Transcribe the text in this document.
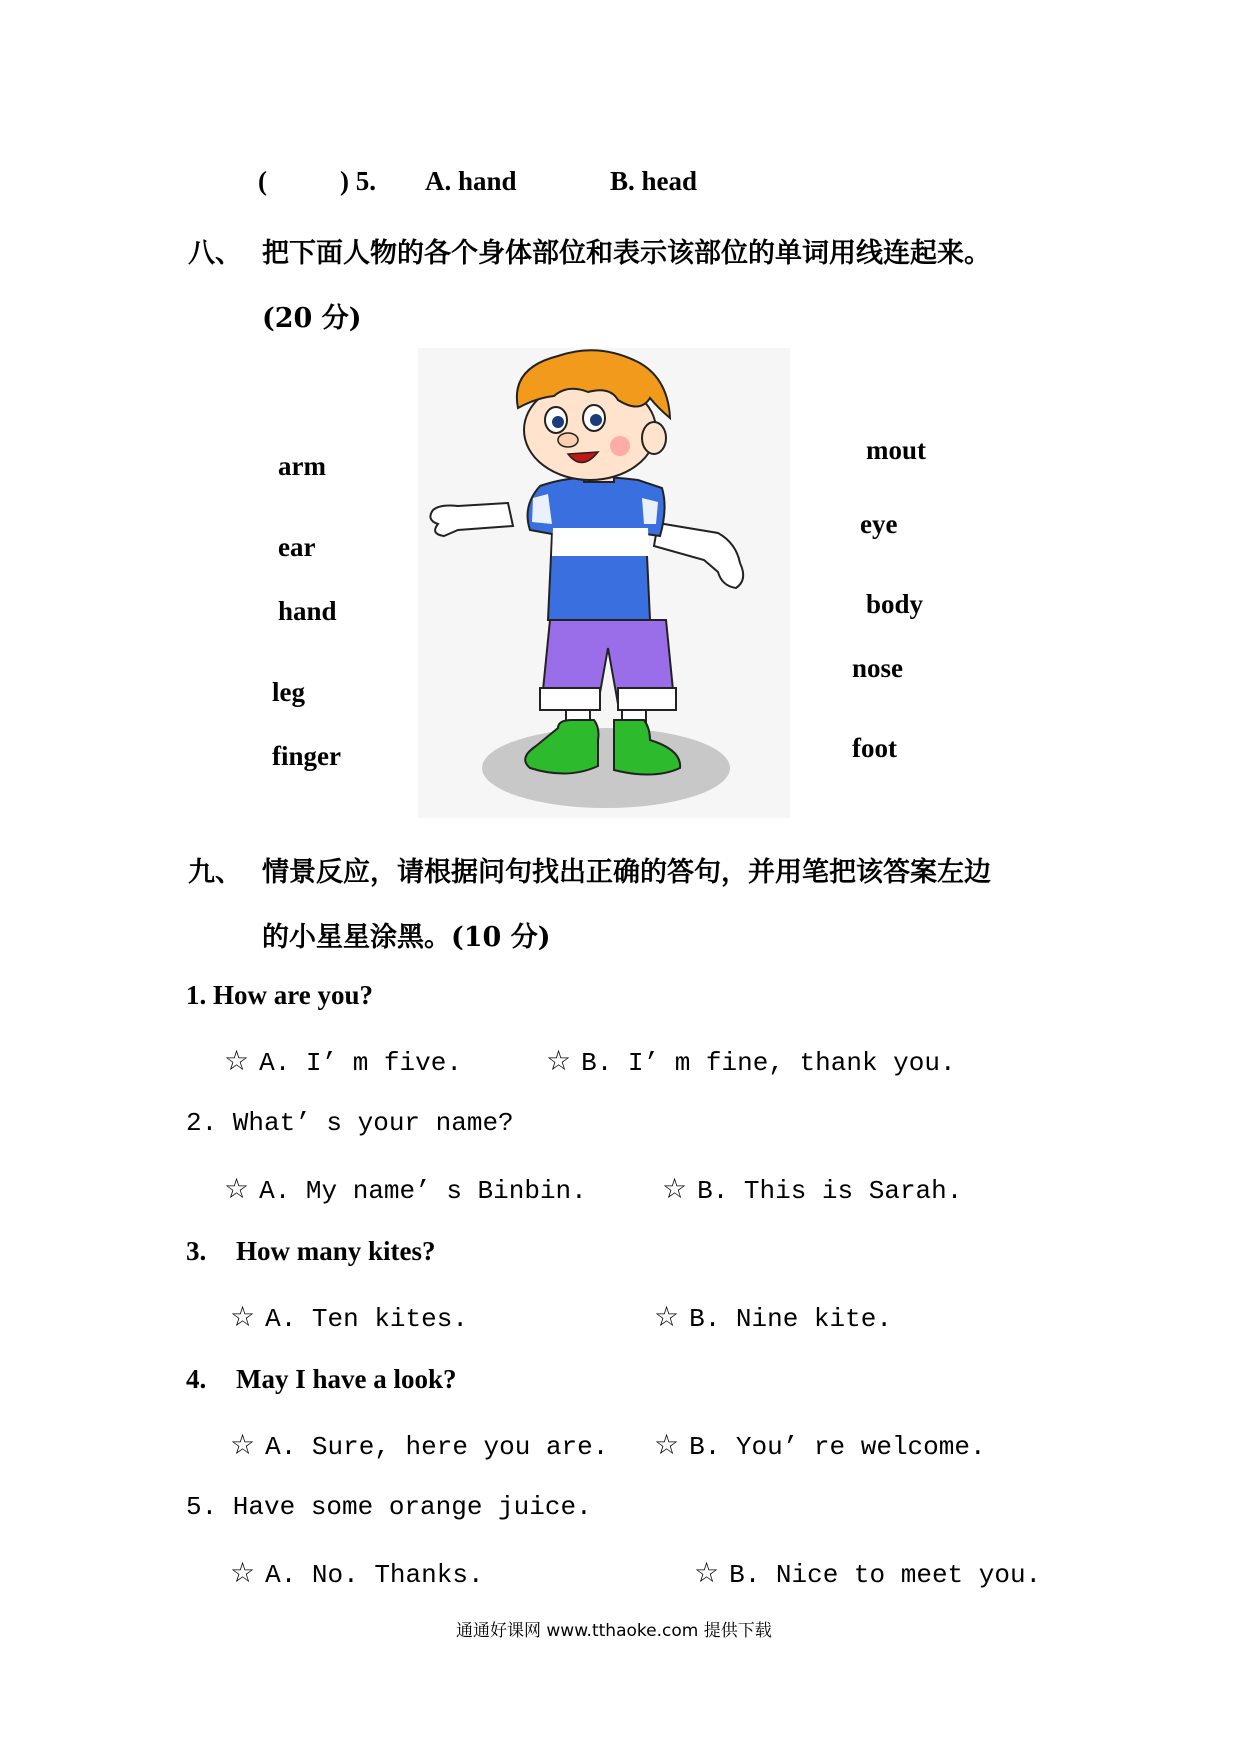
(	) 5. A. hand	B. head
八、 把下面人物的各个身体部位和表示该部位的单词用线连起来。
(20 分)
arm
ear
hand
leg
finger
mout
eye
body
nose
foot
九、 情景反应，请根据问句找出正确的答句，并用笔把该答案左边
的小星星涂黑。(10 分)
1. How are you?
☆ A. I’ m five.	☆ B. I’ m fine, thank you.
2. What’ s your name?
☆ A. My name’ s Binbin.	☆ B. This is Sarah.
3. How many kites?
☆ A. Ten kites.	☆ B. Nine kite.
4. May I have a look?
☆ A. Sure, here you are. ☆ B. You’ re welcome.
5. Have some orange juice.
☆ A. No. Thanks.	☆ B. Nice to meet you.
通通好课网 www.tthaoke.com 提供下载
